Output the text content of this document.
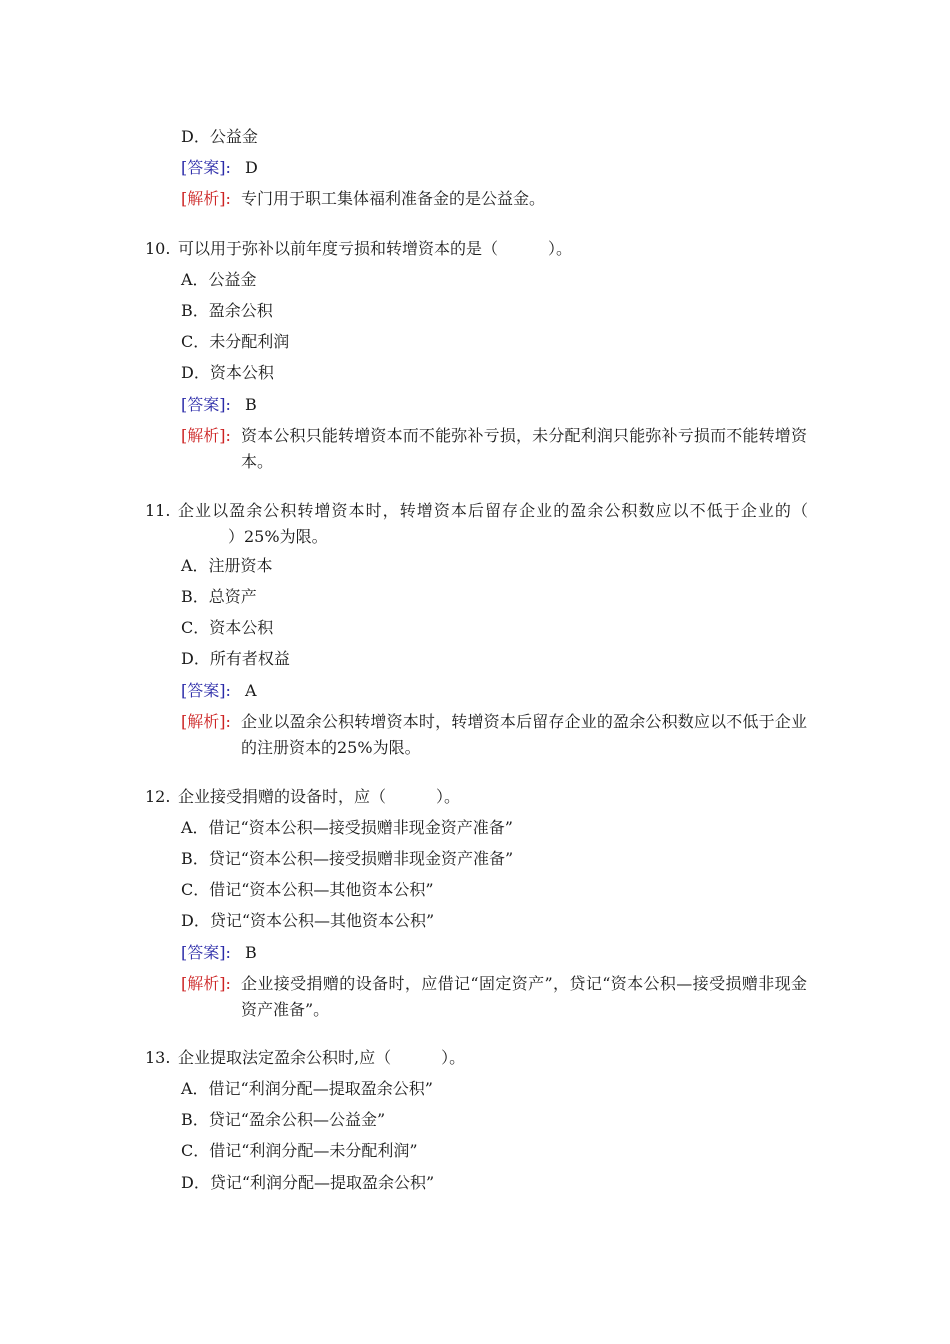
D．公益金
[答案]: D
[解析]: 专门用于职工集体福利准备金的是公益金。
10. 可以用于弥补以前年度亏损和转增资本的是（	）。
A．公益金
B．盈余公积
C．未分配利润
D．资本公积
[答案]: B
[解析]: 资本公积只能转增资本而不能弥补亏损，未分配利润只能弥补亏损而不能转增资本。
11. 企业以盈余公积转增资本时，转增资本后留存企业的盈余公积数应以不低于企业的（）25%为限。
A．注册资本
B．总资产
C．资本公积
D．所有者权益
[答案]: A
[解析]: 企业以盈余公积转增资本时，转增资本后留存企业的盈余公积数应以不低于企业的注册资本的25%为限。
12. 企业接受捐赠的设备时，应（	）。
A．借记“资本公积—接受损赠非现金资产准备”
B．贷记“资本公积—接受损赠非现金资产准备”
C．借记“资本公积—其他资本公积”
D．贷记“资本公积—其他资本公积”
[答案]: B
[解析]: 企业接受捐赠的设备时，应借记“固定资产”，贷记“资本公积—接受损赠非现金资产准备”。
13. 企业提取法定盈余公积时,应（	）。
A．借记“利润分配—提取盈余公积”
B．贷记“盈余公积—公益金”
C．借记“利润分配—未分配利润”
D．贷记“利润分配—提取盈余公积”
